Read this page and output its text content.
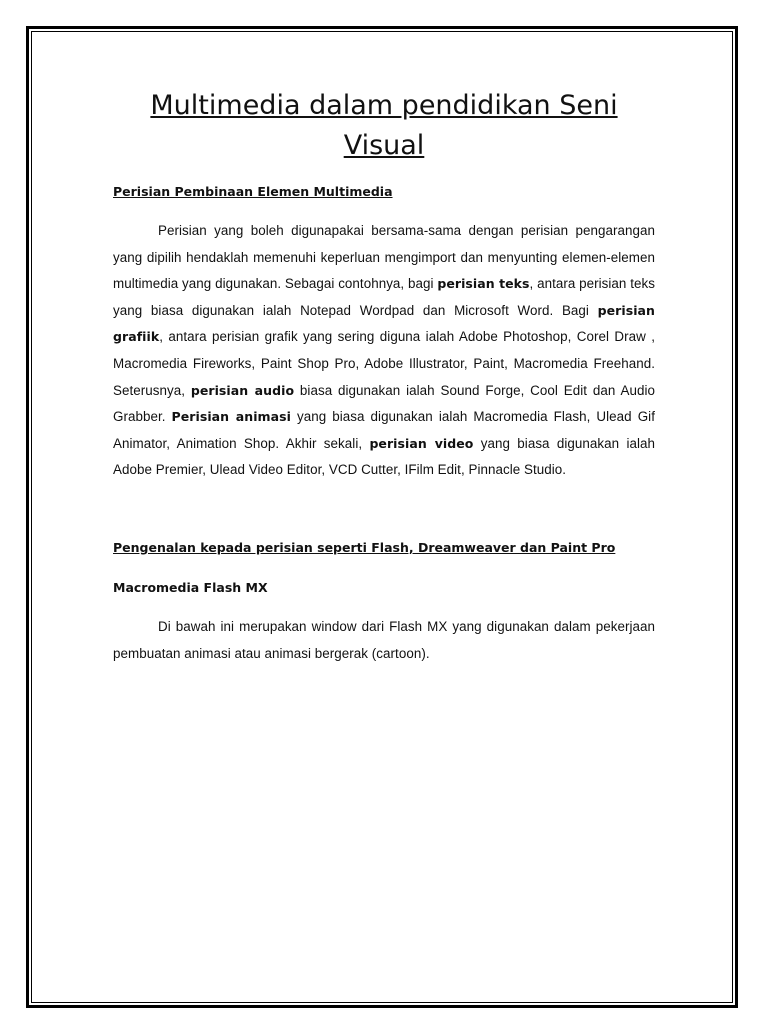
Multimedia dalam pendidikan Seni Visual

Perisian Pembinaan Elemen Multimedia

Perisian yang boleh digunapakai bersama-sama dengan perisian pengarangan yang dipilih hendaklah memenuhi keperluan mengimport dan menyunting elemen-elemen multimedia yang digunakan. Sebagai contohnya, bagi perisian teks, antara perisian teks yang biasa digunakan ialah Notepad Wordpad dan Microsoft Word. Bagi perisian grafiik, antara perisian grafik yang sering diguna ialah Adobe Photoshop, Corel Draw , Macromedia Fireworks, Paint Shop Pro, Adobe Illustrator, Paint, Macromedia Freehand. Seterusnya, perisian audio biasa digunakan ialah Sound Forge, Cool Edit dan Audio Grabber. Perisian animasi yang biasa digunakan ialah Macromedia Flash, Ulead Gif Animator, Animation Shop. Akhir sekali, perisian video yang biasa digunakan ialah Adobe Premier, Ulead Video Editor, VCD Cutter, IFilm Edit, Pinnacle Studio.

Pengenalan kepada perisian seperti Flash, Dreamweaver dan Paint Pro

Macromedia Flash MX

Di bawah ini merupakan window dari Flash MX yang digunakan dalam pekerjaan pembuatan animasi atau animasi bergerak (cartoon).
